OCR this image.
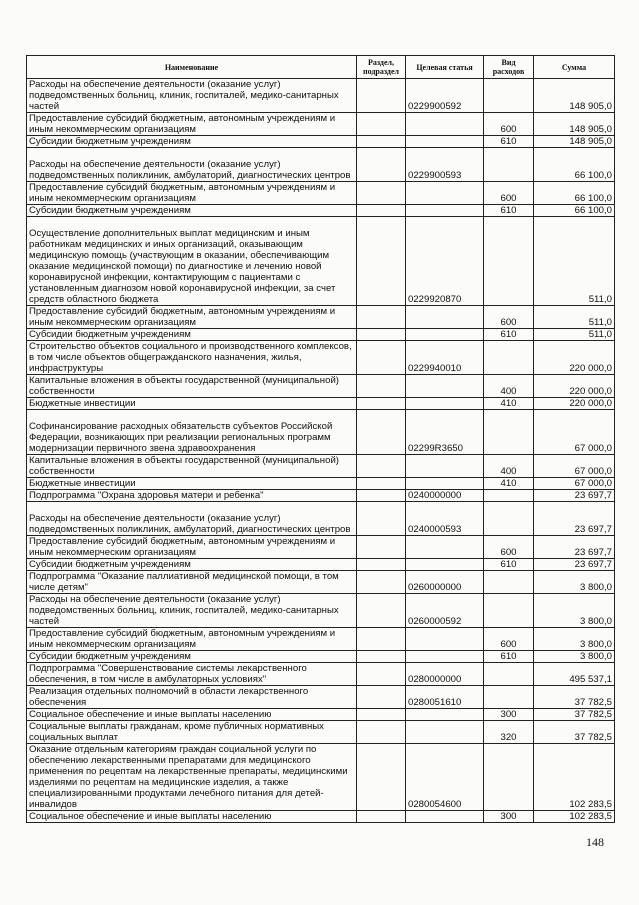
Наименование	Раздел, подраздел	Целевая статья	Вид расходов	Сумма
Расходы на обеспечение деятельности (оказание услуг) подведомственных больниц, клиник, госпиталей, медико-санитарных частей		0229900592		148 905,0
Предоставление субсидий бюджетным, автономным учреждениям и иным некоммерческим организациям			600	148 905,0
Субсидии бюджетным учреждениям			610	148 905,0
Расходы на обеспечение деятельности (оказание услуг) подведомственных поликлиник, амбулаторий, диагностических центров		0229900593		66 100,0
Предоставление субсидий бюджетным, автономным учреждениям и иным некоммерческим организациям			600	66 100,0
Субсидии бюджетным учреждениям			610	66 100,0
Осуществление дополнительных выплат медицинским и иным работникам медицинских и иных организаций, оказывающим медицинскую помощь (участвующим в оказании, обеспечивающим оказание медицинской помощи) по диагностике и лечению новой коронавирусной инфекции, контактирующим с пациентами с установленным диагнозом новой коронавирусной инфекции, за счет средств областного бюджета		0229920870		511,0
Предоставление субсидий бюджетным, автономным учреждениям и иным некоммерческим организациям			600	511,0
Субсидии бюджетным учреждениям			610	511,0
Строительство объектов социального и производственного комплексов, в том числе объектов общегражданского назначения, жилья, инфраструктуры		0229940010		220 000,0
Капитальные вложения в объекты государственной (муниципальной) собственности			400	220 000,0
Бюджетные инвестиции			410	220 000,0
Софинансирование расходных обязательств субъектов Российской Федерации, возникающих при реализации региональных программ модернизации первичного звена здравоохранения		02299R3650		67 000,0
Капитальные вложения в объекты государственной (муниципальной) собственности			400	67 000,0
Бюджетные инвестиции			410	67 000,0
Подпрограмма "Охрана здоровья матери и ребенка"		0240000000		23 697,7
Расходы на обеспечение деятельности (оказание услуг) подведомственных поликлиник, амбулаторий, диагностических центров		0240000593		23 697,7
Предоставление субсидий бюджетным, автономным учреждениям и иным некоммерческим организациям			600	23 697,7
Субсидии бюджетным учреждениям			610	23 697,7
Подпрограмма "Оказание паллиативной медицинской помощи, в том числе детям"		0260000000		3 800,0
Расходы на обеспечение деятельности (оказание услуг) подведомственных больниц, клиник, госпиталей, медико-санитарных частей		0260000592		3 800,0
Предоставление субсидий бюджетным, автономным учреждениям и иным некоммерческим организациям			600	3 800,0
Субсидии бюджетным учреждениям			610	3 800,0
Подпрограмма "Совершенствование системы лекарственного обеспечения, в том числе в амбулаторных условиях"		0280000000		495 537,1
Реализация отдельных полномочий в области лекарственного обеспечения		0280051610		37 782,5
Социальное обеспечение и иные выплаты населению			300	37 782,5
Социальные выплаты гражданам, кроме публичных нормативных социальных выплат			320	37 782,5
Оказание отдельным категориям граждан социальной услуги по обеспечению лекарственными препаратами для медицинского применения по рецептам на лекарственные препараты, медицинскими изделиями по рецептам на медицинские изделия, а также специализированными продуктами лечебного питания для детей-инвалидов		0280054600		102 283,5
Социальное обеспечение и иные выплаты населению			300	102 283,5
148
